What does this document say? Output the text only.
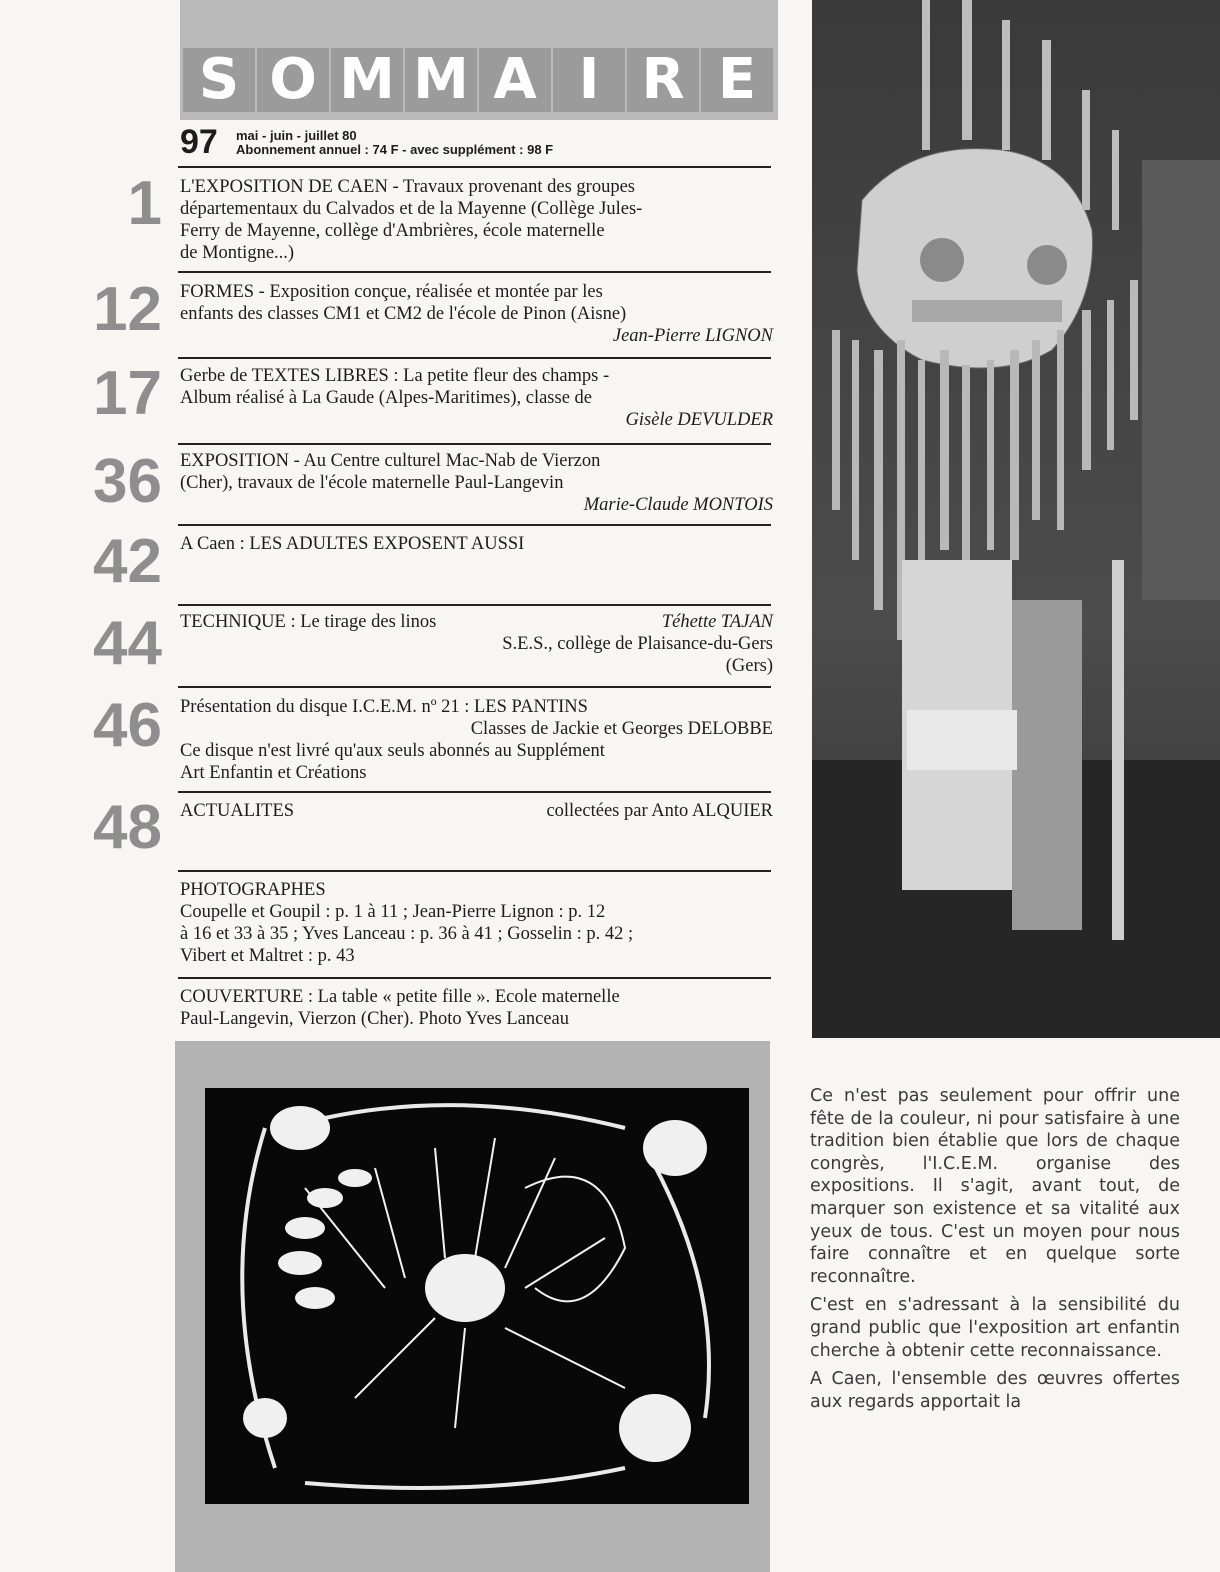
S O M M A I R E
97 mai - juin - juillet 80
Abonnement annuel : 74 F - avec supplément : 98 F
1 L'EXPOSITION DE CAEN - Travaux provenant des groupes
départementaux du Calvados et de la Mayenne (Collège Jules-
Ferry de Mayenne, collège d'Ambrières, école maternelle
de Montigne...)
12 FORMES - Exposition conçue, réalisée et montée par les
enfants des classes CM1 et CM2 de l'école de Pinon (Aisne)
Jean-Pierre LIGNON
17 Gerbe de TEXTES LIBRES : La petite fleur des champs -
Album réalisé à La Gaude (Alpes-Maritimes), classe de
Gisèle DEVULDER
36 EXPOSITION - Au Centre culturel Mac-Nab de Vierzon
(Cher), travaux de l'école maternelle Paul-Langevin
Marie-Claude MONTOIS
42 A Caen : LES ADULTES EXPOSENT AUSSI
44 TECHNIQUE : Le tirage des linos	Téhette TAJAN
S.E.S., collège de Plaisance-du-Gers
(Gers)
46 Présentation du disque I.C.E.M. nº 21 : LES PANTINS
Classes de Jackie et Georges DELOBBE
Ce disque n'est livré qu'aux seuls abonnés au Supplément
Art Enfantin et Créations
48 ACTUALITES	collectées par Anto ALQUIER
PHOTOGRAPHES
Coupelle et Goupil : p. 1 à 11 ; Jean-Pierre Lignon : p. 12
à 16 et 33 à 35 ; Yves Lanceau : p. 36 à 41 ; Gosselin : p. 42 ;
Vibert et Maltret : p. 43
COUVERTURE : La table « petite fille ». Ecole maternelle
Paul-Langevin, Vierzon (Cher). Photo Yves Lanceau

Ce n'est pas seulement pour offrir une fête de la couleur, ni pour satisfaire à une tradition bien établie que lors de chaque congrès, l'I.C.E.M. organise des expositions. Il s'agit, avant tout, de marquer son existence et sa vitalité aux yeux de tous. C'est un moyen pour nous faire connaître et en quelque sorte reconnaître.

C'est en s'adressant à la sensibilité du grand public que l'exposition art enfantin cherche à obtenir cette reconnaissance.

A Caen, l'ensemble des œuvres offertes aux regards apportait la
